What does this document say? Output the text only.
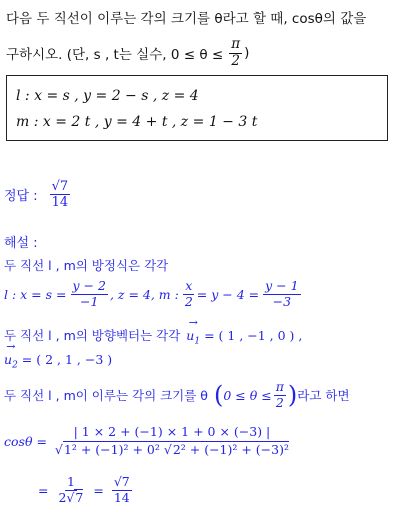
다음 두 직선이 이루는 각의 크기를 θ라고 할 때, cosθ의 값을
구하시오. (단, s , t는 실수, $0 \le \theta \le \frac{\pi}{2}$ )
l : x = s , y = 2 − s , z = 4
m : x = 2 t , y = 4 + t , z = 1 − 3 t
정답 : $\frac{√7}{14}$
해설 :
두 직선 l , m의 방정식은 각각
l : $x = s = \frac{y - 2}{-1}$ , z = 4, m : $\frac{x}{2} = y - 4 = \frac{y - 1}{-3}$
두 직선 l , m의 방향벡터는 각각
→ $u_1$ = ( 1 , −1 , 0 ) ,
→ $u_2$ = ( 2 , 1 , −3 )
두 직선 l , m이 이루는 각의 크기를 θ ( $0 \le \theta \le \frac{\pi}{2}$ ) 라고 하면
$\cos\theta = \frac{| 1 \times 2 + (-1) \times 1 + 0 \times (-3) |}{\text{√1² + (−1)² + 0² √2² + (−1)² + (−3)²}}$
= $\frac{1}{2√7} = \frac{√7}{14}$
